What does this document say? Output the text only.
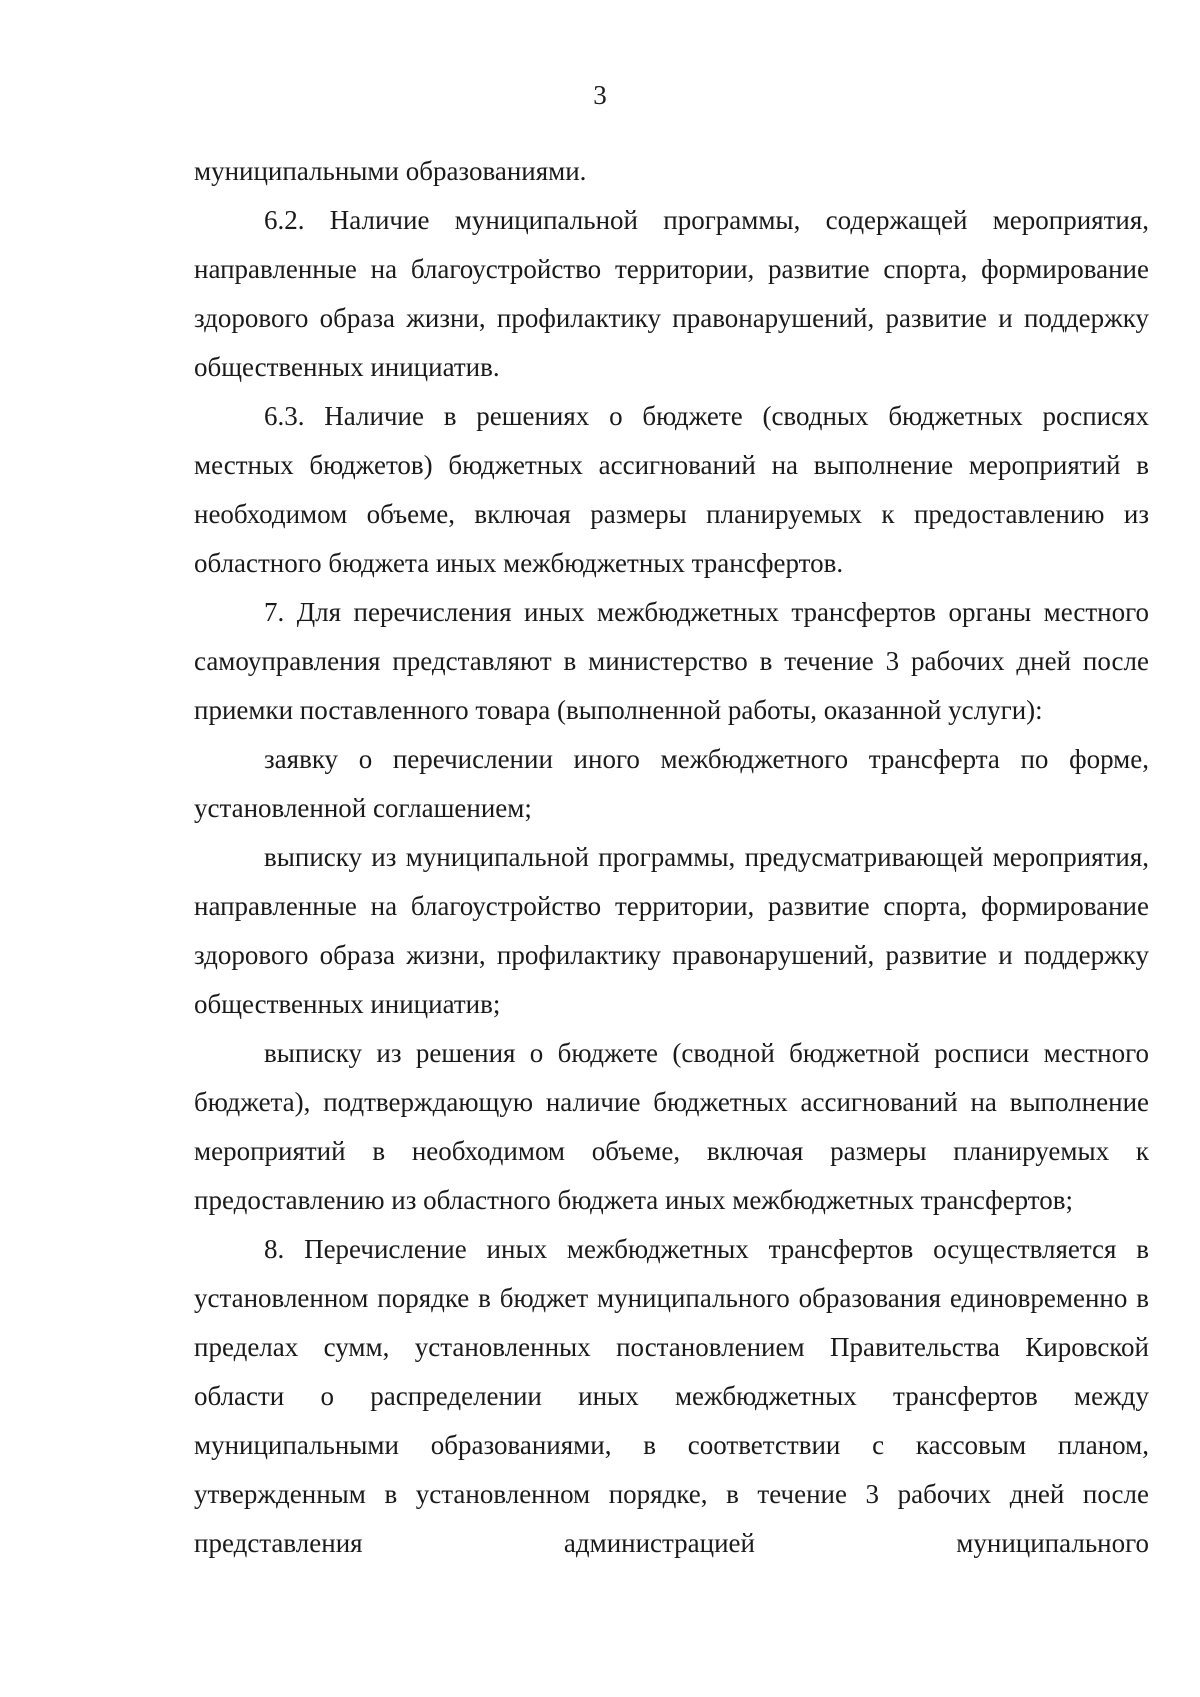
3

муниципальными образованиями.

6.2. Наличие муниципальной программы, содержащей мероприятия, направленные на благоустройство территории, развитие спорта, формирование здорового образа жизни, профилактику правонарушений, развитие и поддержку общественных инициатив.

6.3. Наличие в решениях о бюджете (сводных бюджетных росписях местных бюджетов) бюджетных ассигнований на выполнение мероприятий в необходимом объеме, включая размеры планируемых к предоставлению из областного бюджета иных межбюджетных трансфертов.

7. Для перечисления иных межбюджетных трансфертов органы местного самоуправления представляют в министерство в течение 3 рабочих дней после приемки поставленного товара (выполненной работы, оказанной услуги):

заявку о перечислении иного межбюджетного трансферта по форме, установленной соглашением;

выписку из муниципальной программы, предусматривающей мероприятия, направленные на благоустройство территории, развитие спорта, формирование здорового образа жизни, профилактику правонарушений, развитие и поддержку общественных инициатив;

выписку из решения о бюджете (сводной бюджетной росписи местного бюджета), подтверждающую наличие бюджетных ассигнований на выполнение мероприятий в необходимом объеме, включая размеры планируемых к предоставлению из областного бюджета иных межбюджетных трансфертов;

8. Перечисление иных межбюджетных трансфертов осуществляется в установленном порядке в бюджет муниципального образования единовременно в пределах сумм, установленных постановлением Правительства Кировской области о распределении иных межбюджетных трансфертов между муниципальными образованиями, в соответствии с кассовым планом, утвержденным в установленном порядке, в течение 3 рабочих дней после представления администрацией муниципального
